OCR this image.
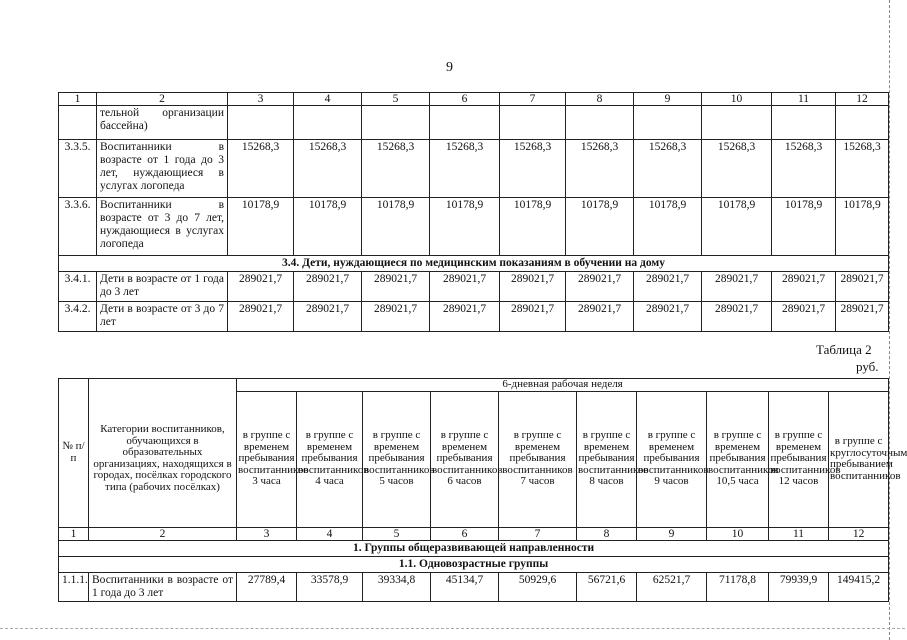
9
1	2	3	4	5	6	7	8	9	10	11	12
	тельной организации бассейна)										
3.3.5.	Воспитанники в возрасте от 1 года до 3 лет, нуждающиеся в услугах логопеда	15268,3	15268,3	15268,3	15268,3	15268,3	15268,3	15268,3	15268,3	15268,3	15268,3
3.3.6.	Воспитанники в возрасте от 3 до 7 лет, нуждающиеся в услугах логопеда	10178,9	10178,9	10178,9	10178,9	10178,9	10178,9	10178,9	10178,9	10178,9	10178,9
3.4. Дети, нуждающиеся по медицинским показаниям в обучении на дому											
3.4.1.	Дети в возрасте от 1 года до 3 лет	289021,7	289021,7	289021,7	289021,7	289021,7	289021,7	289021,7	289021,7	289021,7	289021,7
3.4.2.	Дети в возрасте от 3 до 7 лет	289021,7	289021,7	289021,7	289021,7	289021,7	289021,7	289021,7	289021,7	289021,7	289021,7
Таблица 2
руб.
№ п/п	Категории воспитанников, обучающихся в образовательных организациях, находящихся в городах, посёлках городского типа (рабочих посёлках)	6-дневная рабочая неделя									
		в группе с временем пребывания воспитанников 3 часа	в группе с временем пребывания воспитанников 4 часа	в группе с временем пребывания воспитанников 5 часов	в группе с временем пребывания воспитанников 6 часов	в группе с временем пребывания воспитанников 7 часов	в группе с временем пребывания воспитанников 8 часов	в группе с временем пребывания воспитанников 9 часов	в группе с временем пребывания воспитанников 10,5 часа	в группе с временем пребывания воспитанников 12 часов	в группе с круглосуточным пребыванием воспитанников
1	2	3	4	5	6	7	8	9	10	11	12
1. Группы общеразвивающей направленности											
1.1. Одновозрастные группы											
1.1.1.	Воспитанники в возрасте от 1 года до 3 лет	27789,4	33578,9	39334,8	45134,7	50929,6	56721,6	62521,7	71178,8	79939,9	149415,2
